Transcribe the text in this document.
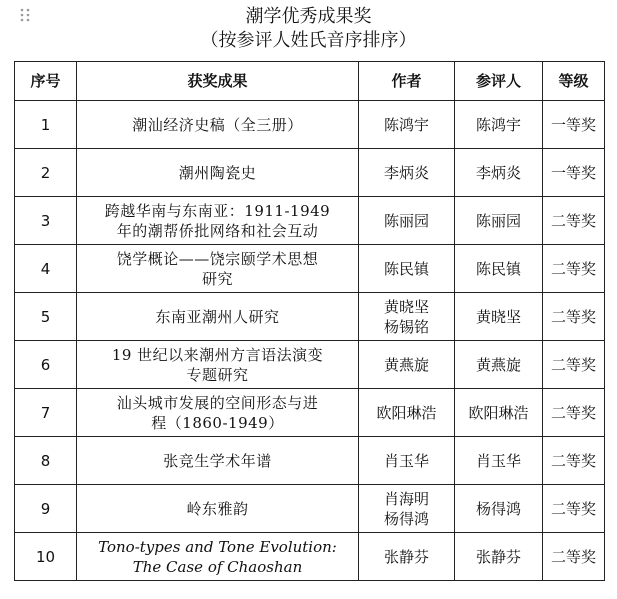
潮学优秀成果奖
（按参评人姓氏音序排序）
序号	获奖成果	作者	参评人	等级
1	潮汕经济史稿（全三册）	陈鸿宇	陈鸿宇	一等奖
2	潮州陶瓷史	李炳炎	李炳炎	一等奖
3	跨越华南与东南亚：1911-1949
年的潮帮侨批网络和社会互动	陈丽园	陈丽园	二等奖
4	饶学概论——饶宗颐学术思想
研究	陈民镇	陈民镇	二等奖
5	东南亚潮州人研究	黄晓坚
杨锡铭	黄晓坚	二等奖
6	19 世纪以来潮州方言语法演变
专题研究	黄燕旋	黄燕旋	二等奖
7	汕头城市发展的空间形态与进
程（1860-1949）	欧阳琳浩	欧阳琳浩	二等奖
8	张竞生学术年谱	肖玉华	肖玉华	二等奖
9	岭东雅韵	肖海明
杨得鸿	杨得鸿	二等奖
10	Tono-types and Tone Evolution:
The Case of Chaoshan	张静芬	张静芬	二等奖
